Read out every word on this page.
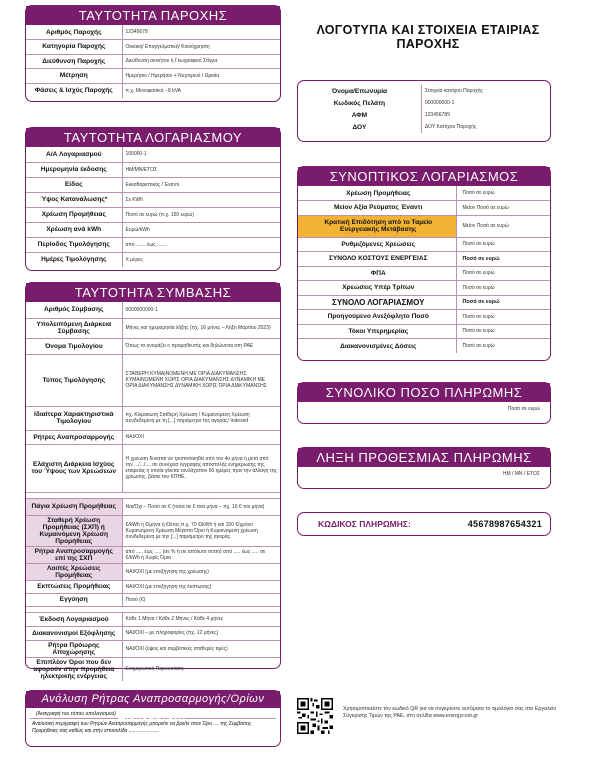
ΤΑΥΤΟΤΗΤΑ ΠΑΡΟΧΗΣ
Αριθμός Παροχής	12345678
Κατηγορία Παροχής	Οικιακή/ Επαγγελματική/ Κοινόχρηστη
Διεύθυνση Παροχής	Διεύθυνση ακινήτου ή Γεωγραφικό Στίγμα
Μέτρηση	Ημερήσιο / Ημερήσιο + Νυχτερινό / Ωριαία
Φάσεις & Ισχύς Παροχής	π.χ. Μονοφασική - 8 kVA
ΤΑΥΤΟΤΗΤΑ ΛΟΓΑΡΙΑΣΜΟΥ
Α/Α Λογαριασμού	100000-1
Ημερομηνία έκδοσης	ΗΜ/ΜΝ/ΕΤΟΣ
Είδος	Εκκαθαριστικός / Έναντι
Ύψος Κατανάλωσης*	Σε KWh
Χρέωση Προμήθειας	Ποσό σε ευρώ (π.χ. 150 ευρώ)
Χρέωση ανά kWh	Ευρώ/kWh
Περίοδος Τιμολόγησης	από ....... έως .......
Ημέρες Τιμολόγησης	Χ μέρες
ΤΑΥΤΟΤΗΤΑ ΣΥΜΒΑΣΗΣ
Αριθμός Σύμβασης	0000000000-1
Υπολειπόμενη Διάρκεια Σύμβασης	Μήνες και ημερομηνία λήξης (πχ. 16 μήνες – Λήξη Μαρτίου 2023)
Όνομα Τιμολογίου	Όπως το ονομάζει ο προμηθευτής και δηλώνεται στη ΡΑΕ
Τύπος Τιμολόγησης	ΣΤΑΘΕΡΗ ΚΥΜΑΙΝΟΜΕΝΗ ΜΕ ΟΡΙΑ ΔΙΑΚΥΜΑΝΣΗΣ ΚΥΜΑΙΝΟΜΕΝΗ ΧΩΡΙΣ ΟΡΙΑ ΔΙΑΚΥΜΑΝΣΗΣ ΔΥΝΑΜΙΚΗ ΜΕ ΟΡΙΑ ΔΙΑΚΥΜΑΝΣΗΣ ΔΥΝΑΜΙΚΗ ΧΩΡΙΣ ΟΡΙΑ ΔΙΑΚΥΜΑΝΣΗΣ
Ιδιαίτερα Χαρακτηριστικά Τιμολογίου	πχ. Κλιμακωτή Σταθερή Χρέωση / Κυμαινόμενη Χρέωση συνδεδεμένη με τη [...] παράμετρο της αγοράς/ Indexed
Ρήτρες Αναπροσαρμογής	ΝΑΙ/ΟΧΙ
Ελάχιστη Διάρκεια Ισχύος του Ύψους των Χρεώσεων	Η χρέωση δύναται να τροποποιηθεί από τον 4ο μήνα ή μετά από την .../.../.... σε συνέχεια έγγραφης αποστολής ενημέρωσης της εταιρείας η οποία γίνεται τουλάχιστον 60 ημέρες πριν την αλλαγή της χρέωσης, βάσει του ΚΠΗΕ.

Πάγια Χρέωση Προμήθειας	Ναι/Όχι – Ποσό σε € (τόσα σε € ανά μήνα – πχ. 10 € τον μήνα)
Σταθερή Χρέωση Προμήθειας (ΣΧΠ) ή Κυμαινόμενη Χρέωση Προμήθειας	€/kWh ή €/μήνα ή €/έτος π.χ. 70 €/kWh ή και 100 €/χρόνο Κυμαινόμενη Χρέωση Μέγιστο Όριο ή Κυμαινόμενη χρέωση συνδεδεμένη με την [...] παράμετρο της αγοράς
Ρήτρα Αναπροσαρμογής επί της ΣΧΠ	από ..... έως ..... (σε % ή σε απόλυτο ποσό) από ..... έως ..... σε €/kWh ή Χωρίς Όρια
Λοιπές Χρεώσεις Προμήθειας	ΝΑΙ/ΟΧΙ (με επεξήγηση της χρέωσης)
Εκπτώσεις Προμήθειας	ΝΑΙ/ΟΧΙ (με επεξήγηση της έκπτωσης)
Εγγύηση	Ποσό (€)

Έκδοση Λογαριασμού	Κάθε 1 Μήνα / Κάθε 2 Μήνες / Κάθε 4 μήνες
Διακανονισμοί Εξόφλησης	ΝΑΙ/ΟΧΙ – με πληροφορίες (πχ. 12 μήνες)
Ρήτρα Πρόωρης Αποχώρησης	ΝΑΙ/ΟΧΙ (ύψος και συμβατικές σταθερές τιμές)
Επιπλέον Όροι που δεν αφορούν στην προμήθεια ηλεκτρικής ενέργειας	Ενημερωτική Παρουσίαση
Ανάλυση Ρήτρας Αναπροσαρμογής/Ορίων Διακύμανσης
(Αναγραφή του τύπου υπολογισμού)
Αναλυτική περιγραφή των Ρητρών Αναπροσαρμογής μπορείτε να βρείτε στον Όρο .... της Σύμβασης Προμήθειας σας καθώς και στην ιστοσελίδα ......................
ΛΟΓΟΤΥΠΑ ΚΑΙ ΣΤΟΙΧΕΙΑ ΕΤΑΙΡΙΑΣ ΠΑΡΟΧΗΣ
Όνομα/Επωνυμία	Στοιχεία κατόχου Παροχής
Κωδικός Πελάτη	000000000-1
ΑΦΜ	123456789
ΔΟΥ	ΔΟΥ Κατόχου Παροχής
ΣΥΝΟΠΤΙΚΟΣ ΛΟΓΑΡΙΑΣΜΟΣ
Χρέωση Προμήθειας	Ποσό σε ευρώ
Μείον Αξία Ρεύματος Έναντι	Μείον Ποσό σε ευρώ
Κρατική Επιδότηση από το Ταμείο Ενεργειακής Μετάβασης	Μείον Ποσό σε ευρώ
Ρυθμιζόμενες Χρεώσεις	Ποσό σε ευρώ
ΣΥΝΟΛΟ ΚΟΣΤΟΥΣ ΕΝΕΡΓΕΙΑΣ	Ποσό σε ευρώ
ΦΠΑ	Ποσό σε ευρώ
Χρεώσεις Υπέρ Τρίτων	Ποσό σε ευρώ
ΣΥΝΟΛΟ ΛΟΓΑΡΙΑΣΜΟΥ	Ποσό σε ευρώ
Προηγούμενο Ανεξόφλητο Ποσό	Ποσό σε ευρώ
Τόκοι Υπερημερίας	Ποσό σε ευρώ
Διακανονισμένες Δόσεις	Ποσό σε ευρώ
ΣΥΝΟΛΙΚΟ ΠΟΣΟ ΠΛΗΡΩΜΗΣ
Ποσό σε ευρώ
ΛΗΞΗ ΠΡΟΘΕΣΜΙΑΣ ΠΛΗΡΩΜΗΣ
ΗΜ / ΜΝ / ΕΤΟΣ
ΚΩΔΙΚΟΣ ΠΛΗΡΩΜΗΣ:	45678987654321
Χρησιμοποιείστε τον κωδικό QR για να συγκρίνετε αυτόματα το τιμολόγιο σας στο Εργαλείο Σύγκρισης Τιμών της ΡΑΕ, στη σελίδα www.energycost.gr
